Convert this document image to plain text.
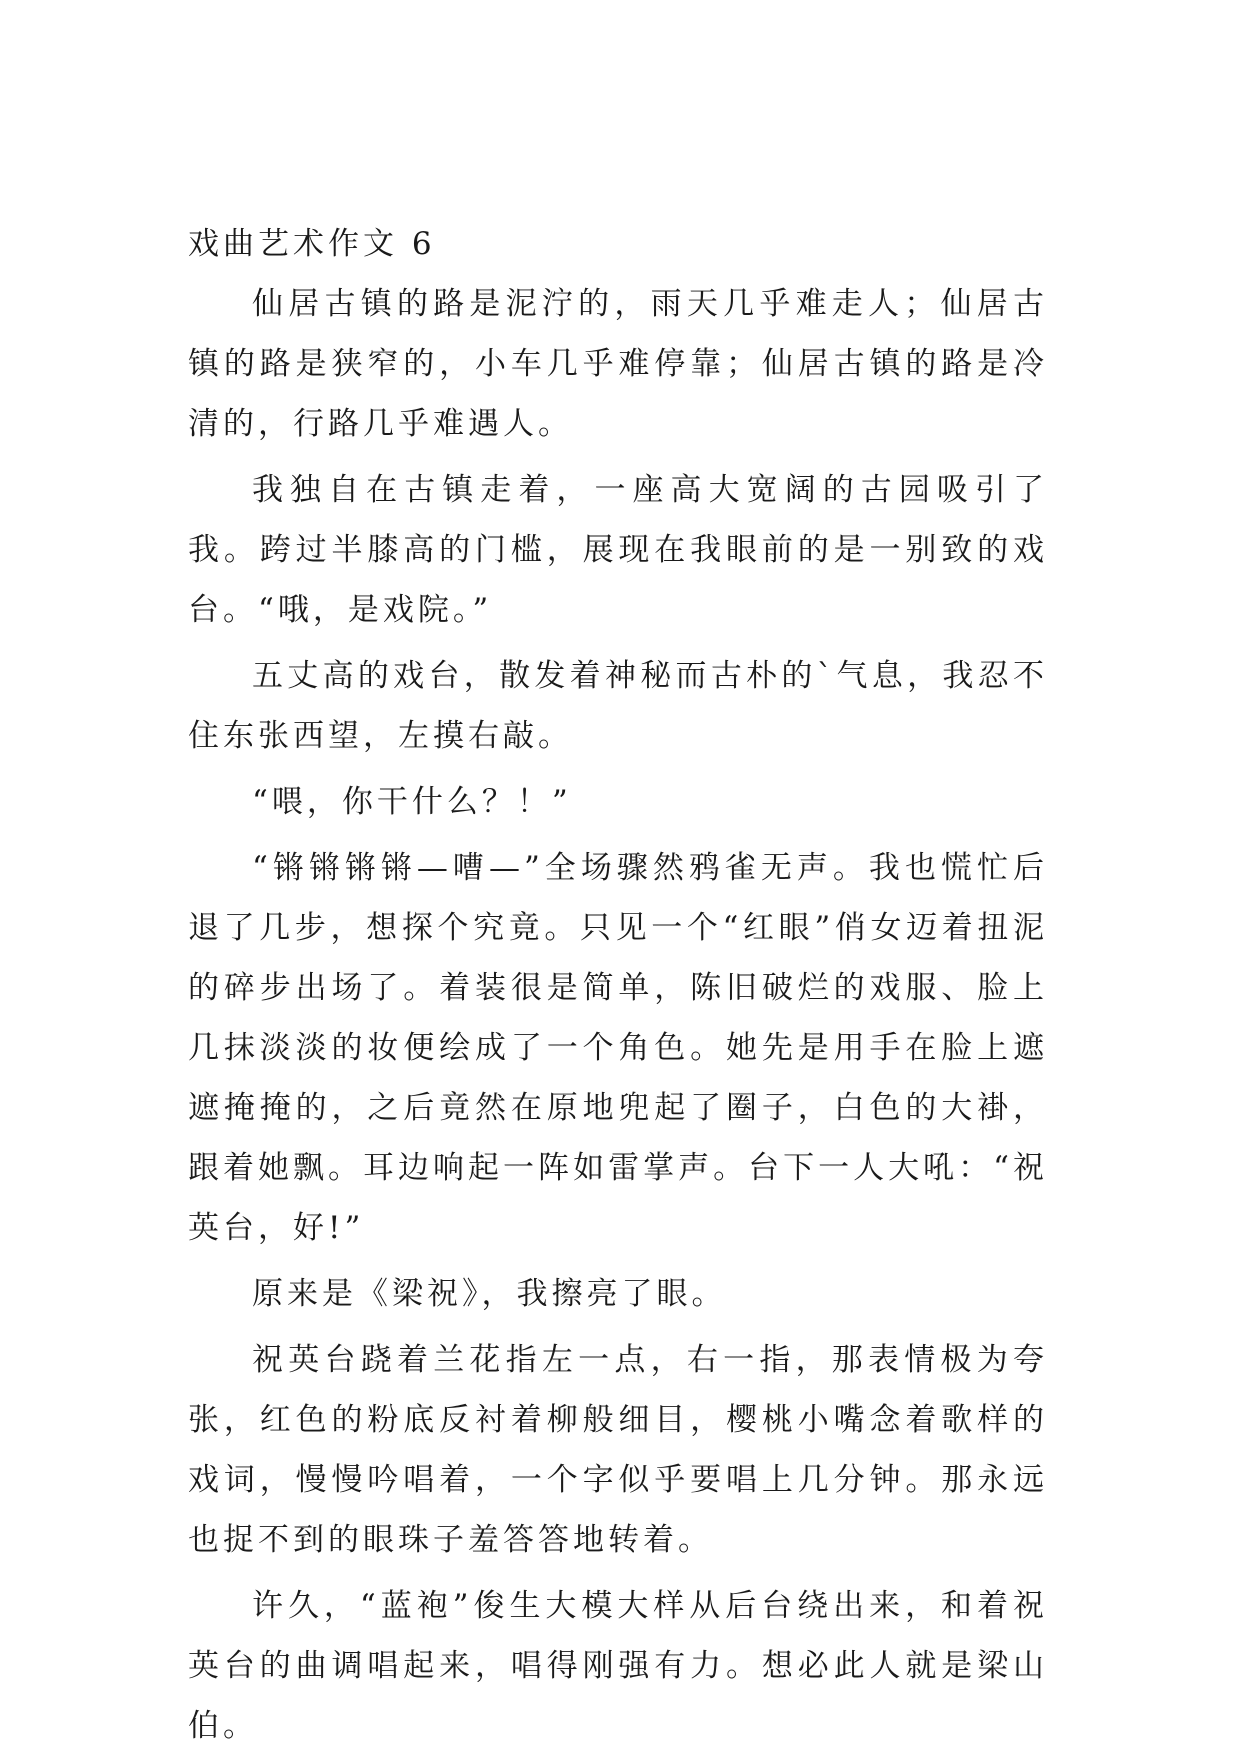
戏曲艺术作文 6

仙居古镇的路是泥泞的，雨天几乎难走人；仙居古镇的路是狭窄的，小车几乎难停靠；仙居古镇的路是冷清的，行路几乎难遇人。

我独自在古镇走着，一座高大宽阔的古园吸引了我。跨过半膝高的门槛，展现在我眼前的是一别致的戏台。“哦，是戏院。”

五丈高的戏台，散发着神秘而古朴的`气息，我忍不住东张西望，左摸右敲。

“喂，你干什么？！”

“锵锵锵锵—嘈—”全场骤然鸦雀无声。我也慌忙后退了几步，想探个究竟。只见一个“红眼”俏女迈着扭泥的碎步出场了。着装很是简单，陈旧破烂的戏服、脸上几抹淡淡的妆便绘成了一个角色。她先是用手在脸上遮遮掩掩的，之后竟然在原地兜起了圈子，白色的大褂，跟着她飘。耳边响起一阵如雷掌声。台下一人大吼：“祝英台，好!”

原来是《梁祝》，我擦亮了眼。

祝英台跷着兰花指左一点，右一指，那表情极为夸张，红色的粉底反衬着柳般细目，樱桃小嘴念着歌样的戏词，慢慢吟唱着，一个字似乎要唱上几分钟。那永远也捉不到的眼珠子羞答答地转着。

许久，“蓝袍”俊生大模大样从后台绕出来，和着祝英台的曲调唱起来，唱得刚强有力。想必此人就是梁山伯。
